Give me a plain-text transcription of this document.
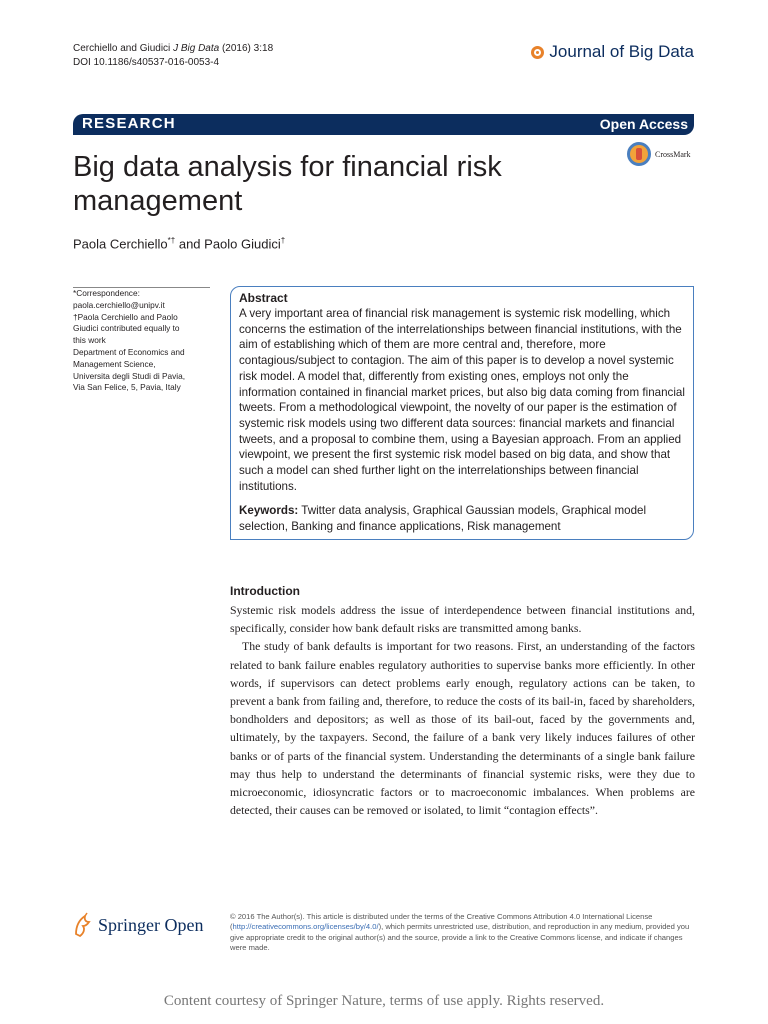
Cerchiello and Giudici J Big Data (2016) 3:18
DOI 10.1186/s40537-016-0053-4
Journal of Big Data
RESEARCH	Open Access
Big data analysis for financial risk management
CrossMark
Paola Cerchiello*† and Paolo Giudici†
*Correspondence:
paola.cerchiello@unipv.it
†Paola Cerchiello and Paolo Giudici contributed equally to this work
Department of Economics and Management Science, Universita degli Studi di Pavia, Via San Felice, 5, Pavia, Italy
Abstract
A very important area of financial risk management is systemic risk modelling, which concerns the estimation of the interrelationships between financial institutions, with the aim of establishing which of them are more central and, therefore, more contagious/subject to contagion. The aim of this paper is to develop a novel systemic risk model. A model that, differently from existing ones, employs not only the information contained in financial market prices, but also big data coming from financial tweets. From a methodological viewpoint, the novelty of our paper is the estimation of systemic risk models using two different data sources: financial markets and financial tweets, and a proposal to combine them, using a Bayesian approach. From an applied viewpoint, we present the first systemic risk model based on big data, and show that such a model can shed further light on the interrelationships between financial institutions.
Keywords: Twitter data analysis, Graphical Gaussian models, Graphical model selection, Banking and finance applications, Risk management
Introduction

Systemic risk models address the issue of interdependence between financial institutions and, specifically, consider how bank default risks are transmitted among banks.

The study of bank defaults is important for two reasons. First, an understanding of the factors related to bank failure enables regulatory authorities to supervise banks more efficiently. In other words, if supervisors can detect problems early enough, regulatory actions can be taken, to prevent a bank from failing and, therefore, to reduce the costs of its bail-in, faced by shareholders, bondholders and depositors; as well as those of its bail-out, faced by the governments and, ultimately, by the taxpayers. Second, the failure of a bank very likely induces failures of other banks or of parts of the financial system. Understanding the determinants of a single bank failure may thus help to understand the determinants of financial systemic risks, were they due to microeconomic, idiosyncratic factors or to macroeconomic imbalances. When problems are detected, their causes can be removed or isolated, to limit “contagion effects”.

Springer Open	© 2016 The Author(s). This article is distributed under the terms of the Creative Commons Attribution 4.0 International License (http://creativecommons.org/licenses/by/4.0/), which permits unrestricted use, distribution, and reproduction in any medium, provided you give appropriate credit to the original author(s) and the source, provide a link to the Creative Commons license, and indicate if changes were made.
Content courtesy of Springer Nature, terms of use apply. Rights reserved.
